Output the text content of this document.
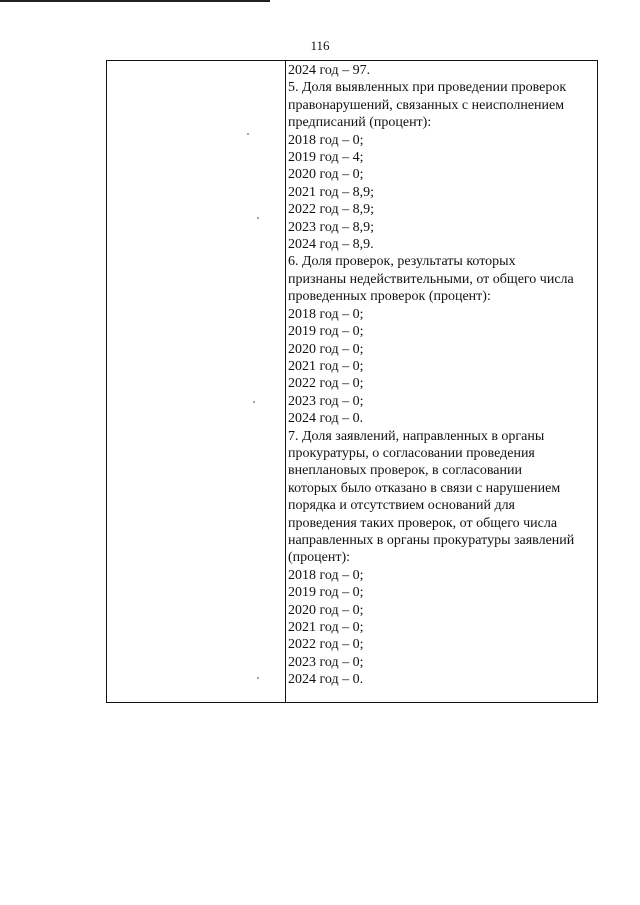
116
2024 год – 97.
5. Доля выявленных при проведении проверок
правонарушений, связанных с неисполнением
предписаний (процент):
2018 год – 0;
2019 год – 4;
2020 год – 0;
2021 год – 8,9;
2022 год – 8,9;
2023 год – 8,9;
2024 год – 8,9.
6. Доля проверок, результаты которых
признаны недействительными, от общего числа
проведенных проверок (процент):
2018 год – 0;
2019 год – 0;
2020 год – 0;
2021 год – 0;
2022 год – 0;
2023 год – 0;
2024 год – 0.
7. Доля заявлений, направленных в органы
прокуратуры, о согласовании проведения
внеплановых проверок, в согласовании
которых было отказано в связи с нарушением
порядка и отсутствием оснований для
проведения таких проверок, от общего числа
направленных в органы прокуратуры заявлений
(процент):
2018 год – 0;
2019 год – 0;
2020 год – 0;
2021 год – 0;
2022 год – 0;
2023 год – 0;
2024 год – 0.
